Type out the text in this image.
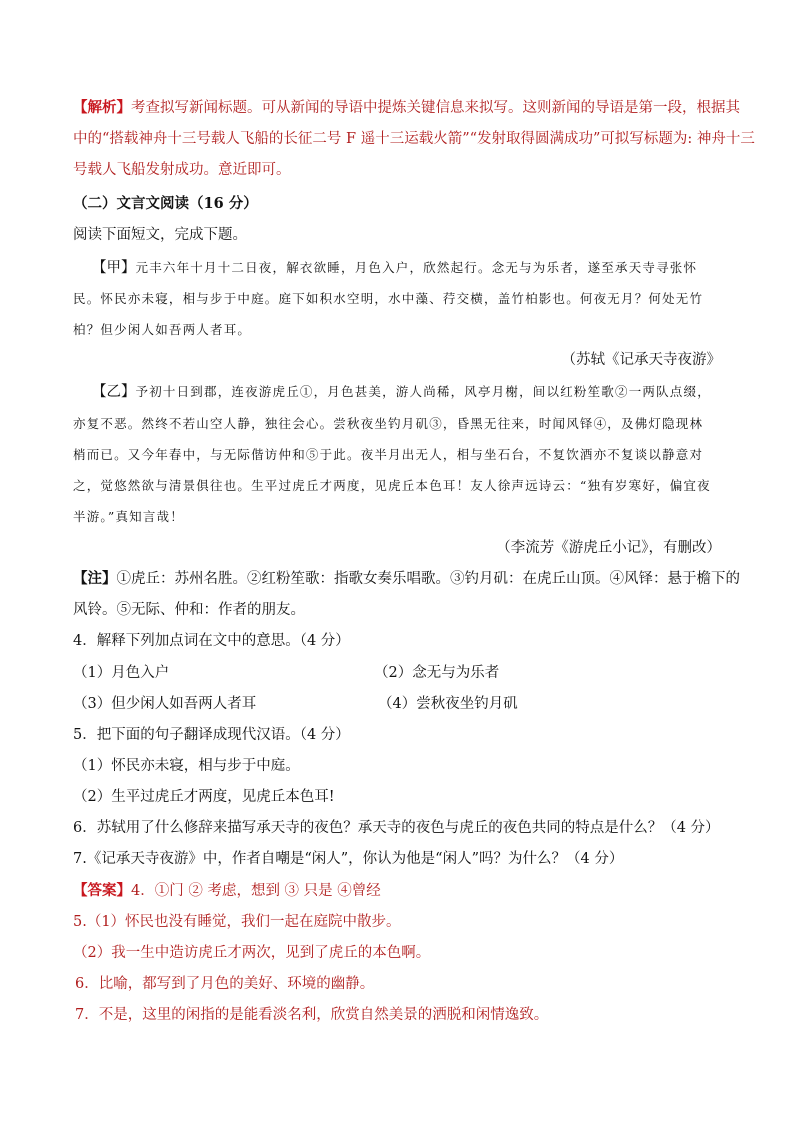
【解析】考查拟写新闻标题。可从新闻的导语中提炼关键信息来拟写。这则新闻的导语是第一段，根据其
中的“搭载神舟十三号载人飞船的长征二号 F 遥十三运载火箭”“发射取得圆满成功”可拟写标题为: 神舟十三
号载人飞船发射成功。意近即可。
（二）文言文阅读（16 分）
阅读下面短文，完成下题。
【甲】元丰六年十月十二日夜，解衣欲睡，月色入户，欣然起行。念无与为乐者，遂至承天寺寻张怀
民。怀民亦未寝，相与步于中庭。庭下如积水空明，水中藻、荇交横，盖竹柏影也。何夜无月？何处无竹
柏？但少闲人如吾两人者耳。
（苏轼《记承天寺夜游》
【乙】予初十日到郡，连夜游虎丘①，月色甚美，游人尚稀，风亭月榭，间以红粉笙歌②一两队点缀，
亦复不恶。然终不若山空人静，独往会心。尝秋夜坐钓月矶③，昏黑无往来，时闻风铎④，及佛灯隐现林
梢而已。又今年春中，与无际偕访仲和⑤于此。夜半月出无人，相与坐石台，不复饮酒亦不复谈以静意对
之，觉悠然欲与清景俱往也。生平过虎丘才两度，见虎丘本色耳！友人徐声远诗云：“独有岁寒好，偏宜夜
半游。”真知言哉！
（李流芳《游虎丘小记》，有删改）
【注】①虎丘：苏州名胜。②红粉笙歌：指歌女奏乐唱歌。③钓月矶：在虎丘山顶。④风铎：悬于檐下的
风铃。⑤无际、仲和：作者的朋友。
4．解释下列加点词在文中的意思。（4 分）
（1）月色入户	（2）念无与为乐者
（3）但少闲人如吾两人者耳	（4）尝秋夜坐钓月矶
5．把下面的句子翻译成现代汉语。（4 分）
（1）怀民亦未寝，相与步于中庭。
（2）生平过虎丘才两度，见虎丘本色耳!
6．苏轼用了什么修辞来描写承天寺的夜色？承天寺的夜色与虎丘的夜色共同的特点是什么？（4 分）
7.《记承天寺夜游》中，作者自嘲是“闲人”，你认为他是“闲人”吗？为什么？（4 分）
【答案】4．①门 ② 考虑，想到 ③ 只是 ④曾经
5.（1）怀民也没有睡觉，我们一起在庭院中散步。
（2）我一生中造访虎丘才两次，见到了虎丘的本色啊。
6．比喻，都写到了月色的美好、环境的幽静。
7．不是，这里的闲指的是能看淡名利，欣赏自然美景的洒脱和闲情逸致。
